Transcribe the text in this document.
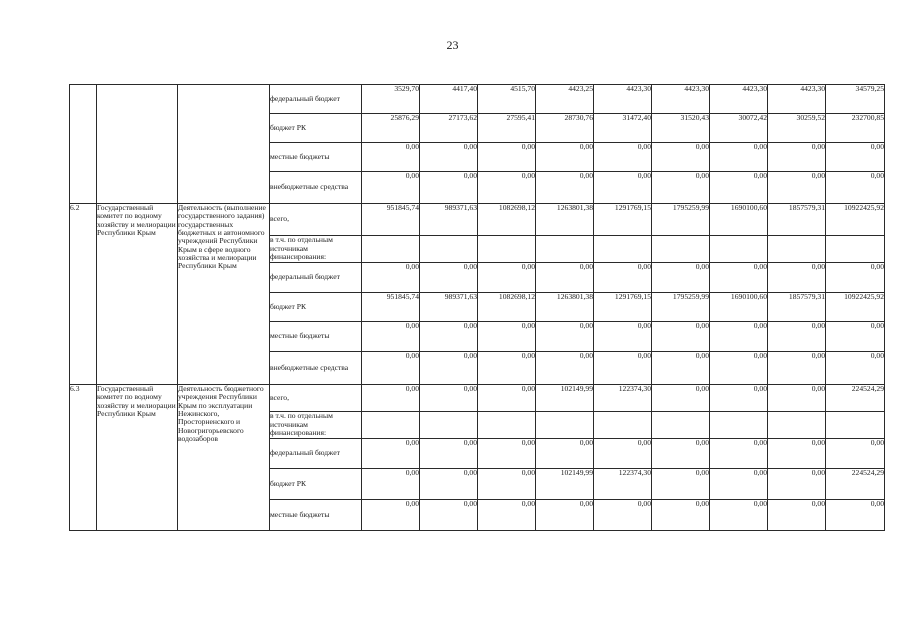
23
			федеральный бюджет	3529,70	4417,40	4515,70	4423,25	4423,30	4423,30	4423,30	4423,30	34579,25
			бюджет РК	25876,29	27173,62	27595,41	28730,76	31472,40	31520,43	30072,42	30259,52	232700,85
			местные бюджеты	0,00	0,00	0,00	0,00	0,00	0,00	0,00	0,00	0,00
			внебюджетные средства	0,00	0,00	0,00	0,00	0,00	0,00	0,00	0,00	0,00
6.2	Государственный комитет по водному хозяйству и мелиорации Республики Крым	Деятельность (выполнение государственного задания) государственных бюджетных и автономного учреждений Республики Крым в сфере водного хозяйства и мелиорации Республики Крым	всего,	951845,74	989371,63	1082698,12	1263801,38	1291769,15	1795259,99	1690100,60	1857579,31	10922425,92
			в т.ч. по отдельным источникам финансирования:									
			федеральный бюджет	0,00	0,00	0,00	0,00	0,00	0,00	0,00	0,00	0,00
			бюджет РК	951845,74	989371,63	1082698,12	1263801,38	1291769,15	1795259,99	1690100,60	1857579,31	10922425,92
			местные бюджеты	0,00	0,00	0,00	0,00	0,00	0,00	0,00	0,00	0,00
			внебюджетные средства	0,00	0,00	0,00	0,00	0,00	0,00	0,00	0,00	0,00
6.3	Государственный комитет по водному хозяйству и мелиорации Республики Крым	Деятельность бюджетного учреждения Республики Крым по эксплуатации Нежинского, Просторненского и Новогригорьевского водозаборов	всего,	0,00	0,00	0,00	102149,99	122374,30	0,00	0,00	0,00	224524,29
			в т.ч. по отдельным источникам финансирования:									
			федеральный бюджет	0,00	0,00	0,00	0,00	0,00	0,00	0,00	0,00	0,00
			бюджет РК	0,00	0,00	0,00	102149,99	122374,30	0,00	0,00	0,00	224524,29
			местные бюджеты	0,00	0,00	0,00	0,00	0,00	0,00	0,00	0,00	0,00
